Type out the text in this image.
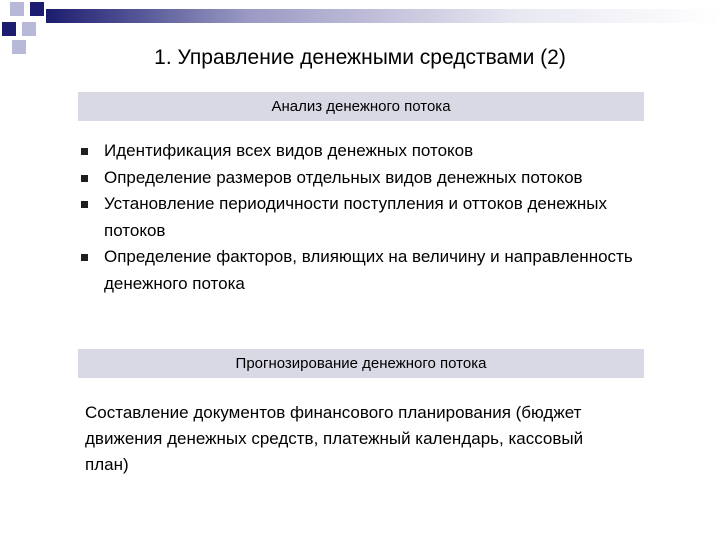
1. Управление денежными средствами (2)
Анализ денежного потока
Идентификация всех видов денежных потоков
Определение размеров отдельных видов денежных потоков
Установление периодичности поступления и оттоков денежных потоков
Определение факторов, влияющих на величину и направленность денежного потока
Прогнозирование денежного потока
Составление документов финансового планирования (бюджет движения денежных средств, платежный календарь, кассовый план)
